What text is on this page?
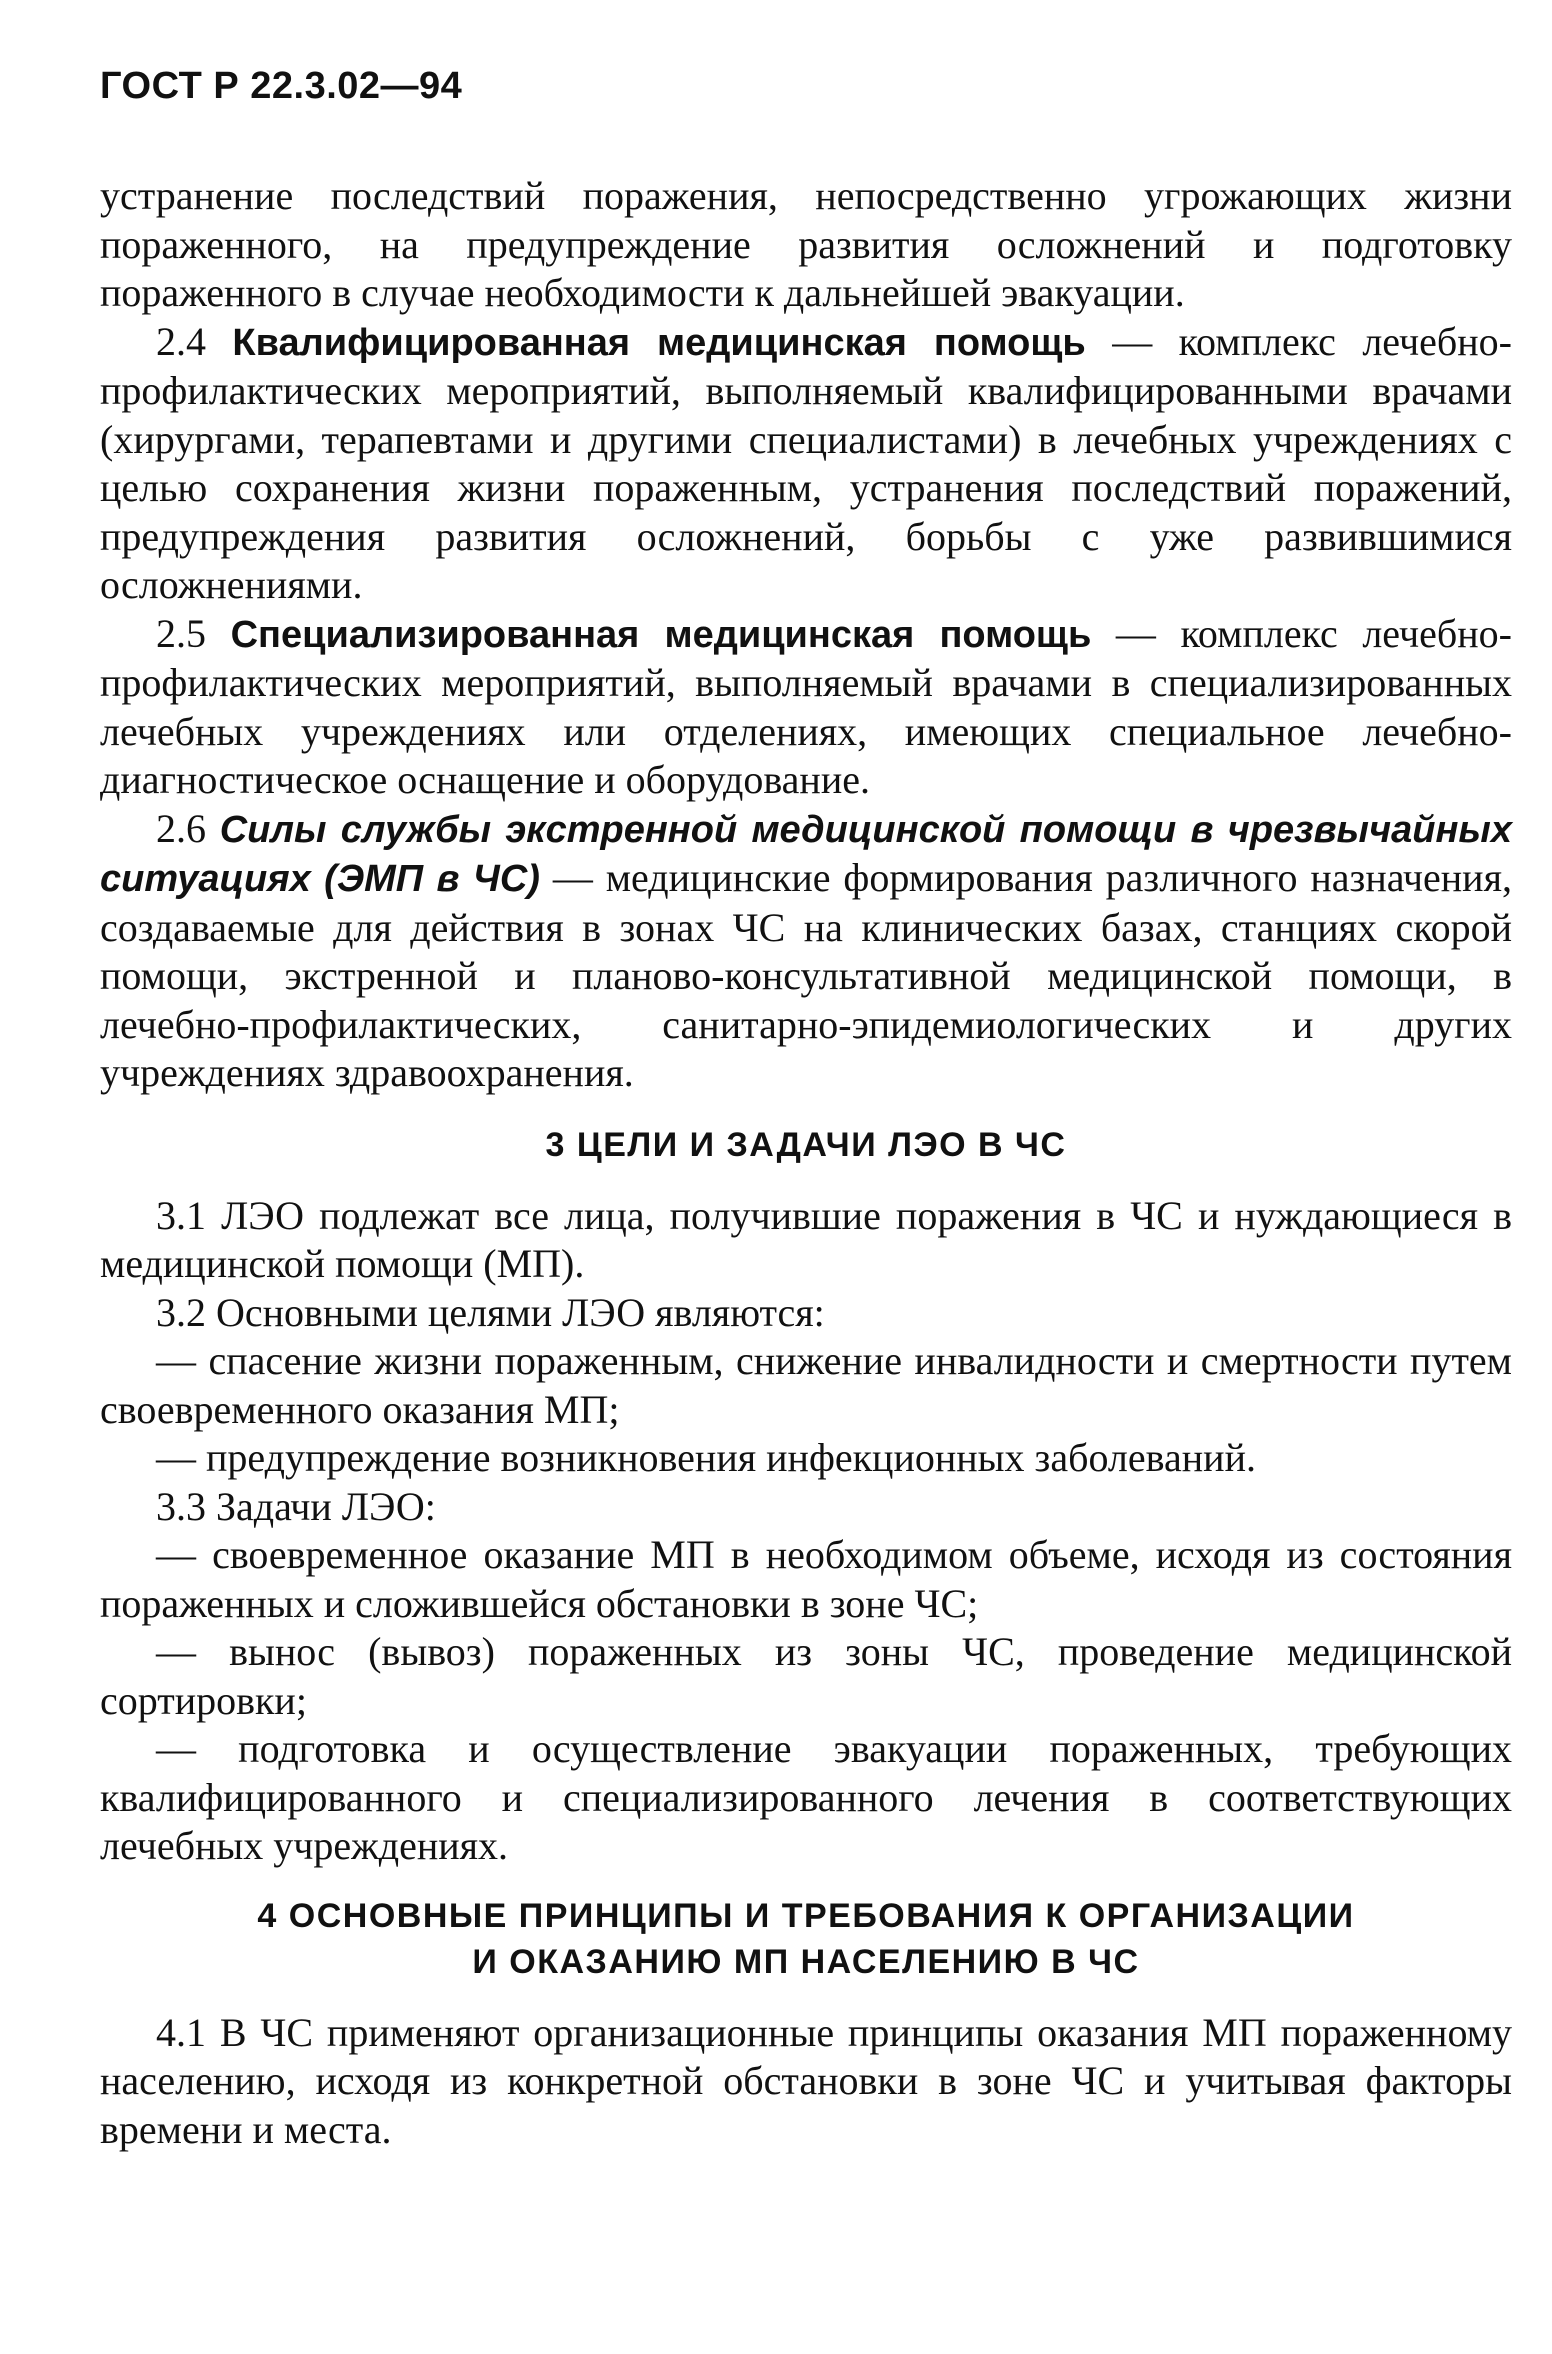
ГОСТ Р 22.3.02—94

устранение последствий поражения, непосредственно угрожающих жизни пораженного, на предупреждение развития осложнений и подготовку пораженного в случае необходимости к дальнейшей эвакуации.

2.4 Квалифицированная медицинская помощь — комплекс лечебно-профилактических мероприятий, выполняемый квалифицированными врачами (хирургами, терапевтами и другими специалистами) в лечебных учреждениях с целью сохранения жизни пораженным, устранения последствий поражений, предупреждения развития осложнений, борьбы с уже развившимися осложнениями.

2.5 Специализированная медицинская помощь — комплекс лечебно-профилактических мероприятий, выполняемый врачами в специализированных лечебных учреждениях или отделениях, имеющих специальное лечебно-диагностическое оснащение и оборудование.

2.6 Силы службы экстренной медицинской помощи в чрезвычайных ситуациях (ЭМП в ЧС) — медицинские формирования различного назначения, создаваемые для действия в зонах ЧС на клинических базах, станциях скорой помощи, экстренной и планово-консультативной медицинской помощи, в лечебно-профилактических, санитарно-эпидемиологических и других учреждениях здравоохранения.

3 ЦЕЛИ И ЗАДАЧИ ЛЭО В ЧС

3.1 ЛЭО подлежат все лица, получившие поражения в ЧС и нуждающиеся в медицинской помощи (МП).

3.2 Основными целями ЛЭО являются:

— спасение жизни пораженным, снижение инвалидности и смертности путем своевременного оказания МП;

— предупреждение возникновения инфекционных заболеваний.

3.3 Задачи ЛЭО:

— своевременное оказание МП в необходимом объеме, исходя из состояния пораженных и сложившейся обстановки в зоне ЧС;

— вынос (вывоз) пораженных из зоны ЧС, проведение медицинской сортировки;

— подготовка и осуществление эвакуации пораженных, требующих квалифицированного и специализированного лечения в соответствующих лечебных учреждениях.

4 ОСНОВНЫЕ ПРИНЦИПЫ И ТРЕБОВАНИЯ К ОРГАНИЗАЦИИ
И ОКАЗАНИЮ МП НАСЕЛЕНИЮ В ЧС

4.1 В ЧС применяют организационные принципы оказания МП пораженному населению, исходя из конкретной обстановки в зоне ЧС и учитывая факторы времени и места.
